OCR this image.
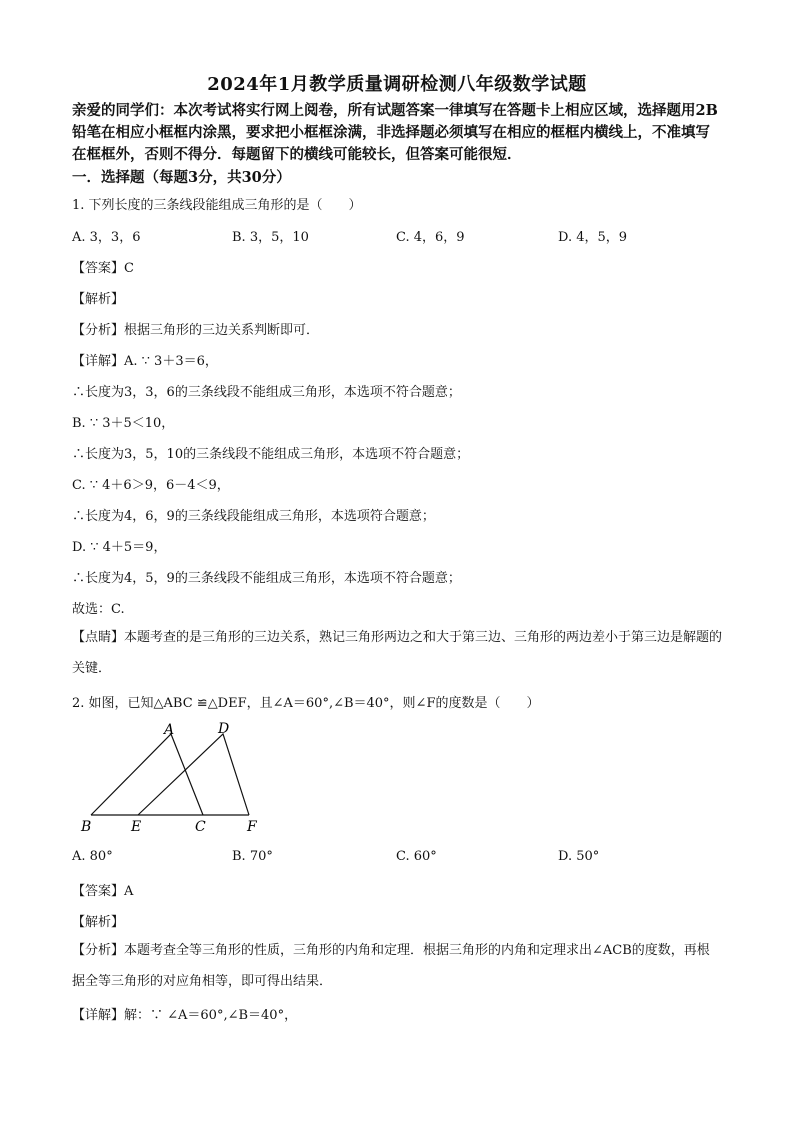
2024年1月教学质量调研检测八年级数学试题
亲爱的同学们：本次考试将实行网上阅卷，所有试题答案一律填写在答题卡上相应区域，选择题用2B铅笔在相应小框框内涂黑，要求把小框框涂满，非选择题必须填写在相应的框框内横线上，不准填写在框框外，否则不得分．每题留下的横线可能较长，但答案可能很短．
一．选择题（每题3分，共30分）
1. 下列长度的三条线段能组成三角形的是（　　）
A. 3，3，6	B. 3，5，10	C. 4，6，9	D. 4，5，9
【答案】C
【解析】
【分析】根据三角形的三边关系判断即可．
【详解】A. ∵ 3＋3＝6，
∴长度为3，3，6的三条线段不能组成三角形，本选项不符合题意；
B. ∵ 3＋5＜10，
∴长度为3，5，10的三条线段不能组成三角形，本选项不符合题意；
C. ∵ 4＋6＞9，6－4＜9，
∴长度为4，6，9的三条线段能组成三角形，本选项符合题意；
D. ∵ 4＋5＝9，
∴长度为4，5，9的三条线段不能组成三角形，本选项不符合题意；
故选：C.
【点睛】本题考查的是三角形的三边关系，熟记三角形两边之和大于第三边、三角形的两边差小于第三边是解题的关键．
2. 如图，已知△ABC ≌△DEF，且∠A＝60°,∠B＝40°，则∠F的度数是（　　）
A	D
B	E	C	F
A. 80°	B. 70°	C. 60°	D. 50°
【答案】A
【解析】
【分析】本题考查全等三角形的性质，三角形的内角和定理．根据三角形的内角和定理求出∠ACB的度数，再根据全等三角形的对应角相等，即可得出结果．
【详解】解：∵ ∠A＝60°,∠B＝40°，
